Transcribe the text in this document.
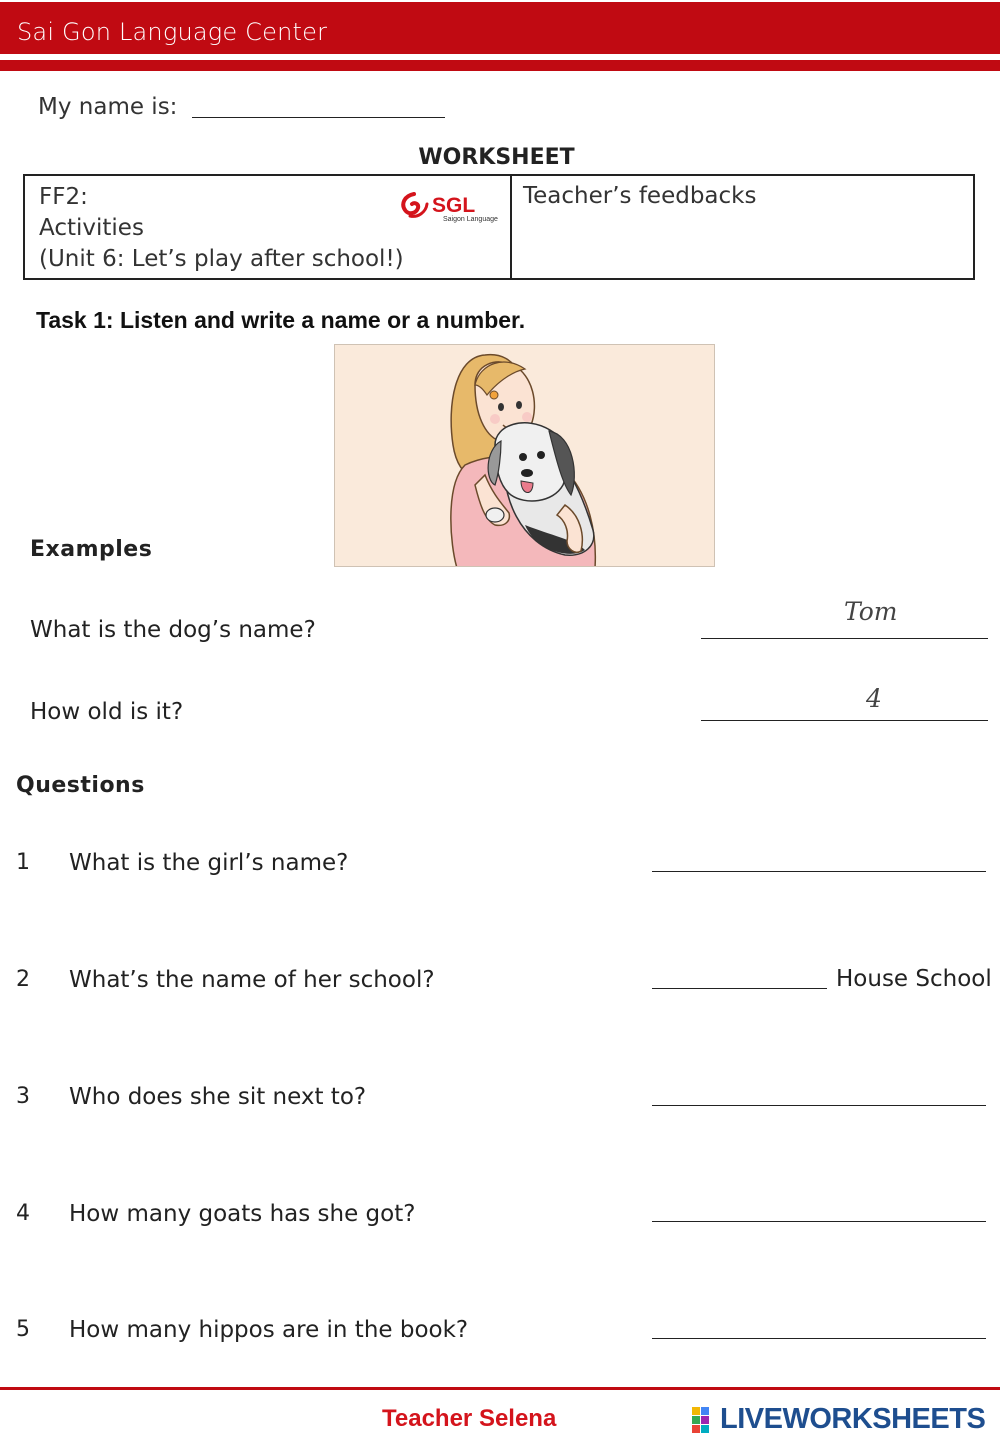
Sai Gon Language Center
My name is:
WORKSHEET
FF2:
Activities
(Unit 6: Let’s play after school!)
SGL
Saigon Language
Teacher’s feedbacks
Task 1: Listen and write a name or a number.
Examples
What is the dog’s name?
Tom
How old is it?	4
Questions
1 What is the girl’s name?
2 What’s the name of her school?	House School
3 Who does she sit next to?
4 How many goats has she got?
5 How many hippos are in the book?
Teacher Selena	LIVEWORKSHEETS
